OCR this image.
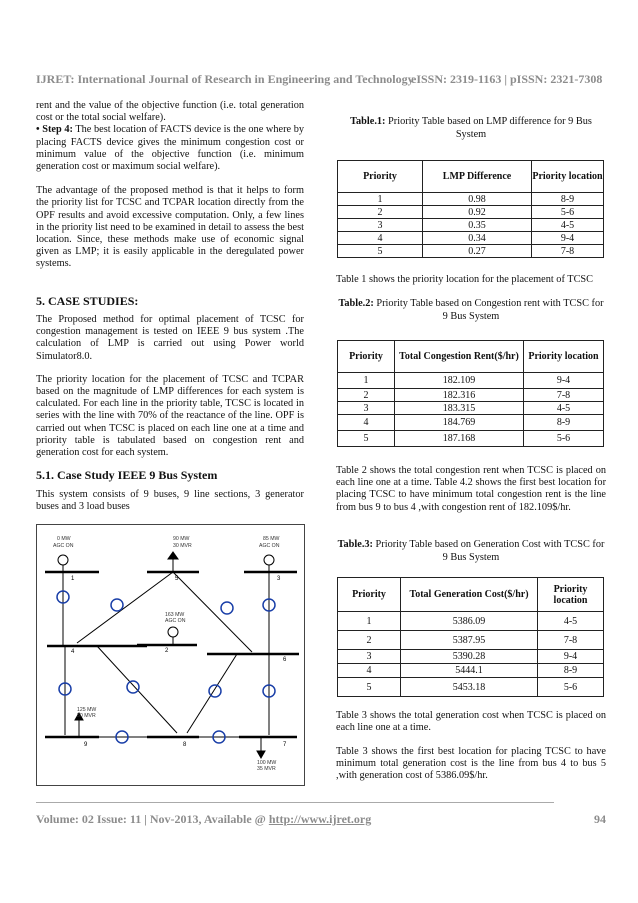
IJRET: International Journal of Research in Engineering and Technology
eISSN: 2319-1163 | pISSN: 2321-7308

rent and the value of the objective function (i.e. total generation cost or the total social welfare).

• Step 4: The best location of FACTS device is the one where by placing FACTS device gives the minimum congestion cost or minimum value of the objective function (i.e. minimum generation cost or maximum social welfare).

The advantage of the proposed method is that it helps to form the priority list for TCSC and TCPAR location directly from the OPF results and avoid excessive computation. Only, a few lines in the priority list need to be examined in detail to assess the best location. Since, these methods make use of economic signal given as LMP; it is easily applicable in the deregulated power systems.

5. CASE STUDIES:

The Proposed method for optimal placement of TCSC for congestion management is tested on IEEE 9 bus system .The calculation of LMP is carried out using Power world Simulator8.0.

The priority location for the placement of TCSC and TCPAR based on the magnitude of LMP differences for each system is calculated. For each line in the priority table, TCSC is located in series with the line with 70% of the reactance of the line. OPF is carried out when TCSC is placed on each line one at a time and priority table is tabulated based on congestion rent and generation cost for each system.

5.1. Case Study IEEE 9 Bus System
This system consists of 9 buses, 9 line sections, 3 generator buses and 3 load buses
0 MW
AGC ON
90 MW
30 MVR
85 MW
AGC ON
163 MW
AGC ON
125 MW
50 MVR
100 MW
35 MVR
1	5	3
4	2
6
9	8	7
Table.1: Priority Table based on LMP difference for 9 Bus System
Priority	LMP Difference	Priority location
1	0.98	8-9
2	0.92	5-6
3	0.35	4-5
4	0.34	9-4
5	0.27	7-8
Table 1 shows the priority location for the placement of TCSC
Table.2: Priority Table based on Congestion rent with TCSC for 9 Bus System
Priority	Total Congestion Rent($/hr)	Priority location
1	182.109	9-4
2	182.316	7-8
3	183.315	4-5
4	184.769	8-9
5	187.168	5-6
Table 2 shows the total congestion rent when TCSC is placed on each line one at a time. Table 4.2 shows the first best location for placing TCSC to have minimum total congestion rent is the line from bus 9 to bus 4 ,with congestion rent of 182.109$/hr.
Table.3: Priority Table based on Generation Cost with TCSC for 9 Bus System
Priority	Total Generation Cost($/hr)	Priority location
1	5386.09	4-5
2	5387.95	7-8
3	5390.28	9-4
4	5444.1	8-9
5	5453.18	5-6
Table 3 shows the total generation cost when TCSC is placed on each line one at a time.
Table 3 shows the first best location for placing TCSC to have minimum total generation cost is the line from bus 4 to bus 5 ,with generation cost of 5386.09$/hr.
Volume: 02 Issue: 11 | Nov-2013, Available @ http://www.ijret.org	94
